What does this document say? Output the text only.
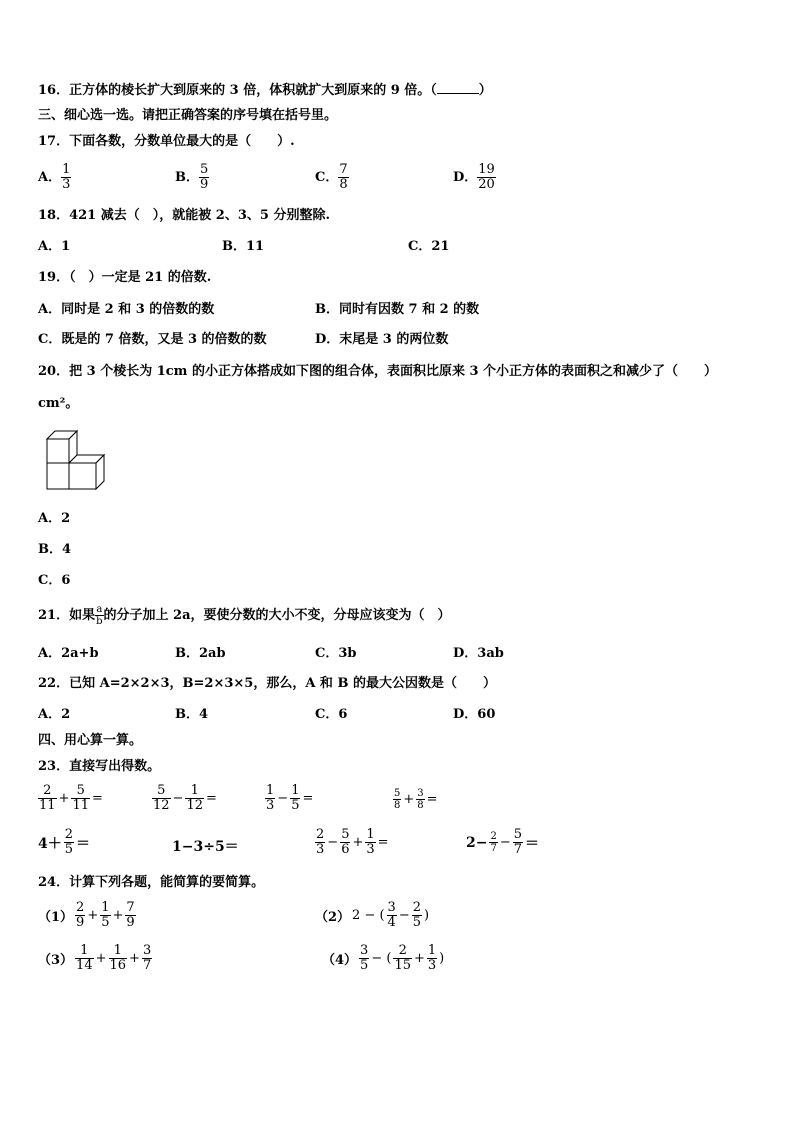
16．正方体的棱长扩大到原来的 3 倍，体积就扩大到原来的 9 倍。（	）
三、细心选一选。请把正确答案的序号填在括号里。
17．下面各数，分数单位最大的是（　　）.
A． $\frac{1}{3}$	B． $\frac{5}{9}$	C． $\frac{7}{8}$	D． $\frac{19}{20}$
18．421 减去（　），就能被 2、3、5 分别整除.
A．1	B．11	C．21
19．（　）一定是 21 的倍数.
A．同时是 2 和 3 的倍数的数	B．同时有因数 7 和 2 的数
C．既是的 7 倍数，又是 3 的倍数的数	D．末尾是 3 的两位数
20．把 3 个棱长为 1cm 的小正方体搭成如下图的组合体，表面积比原来 3 个小正方体的表面积之和减少了（　　）
cm²。
A．2
B．4
C．6
21．如果 $\frac{a}{b}$ 的分子加上 2a，要使分数的大小不变，分母应该变为（　）
A．2a+b	B．2ab	C．3b	D．3ab
22．已知 A=2×2×3，B=2×3×5，那么，A 和 B 的最大公因数是（　　）
A．2	B．4	C．6	D．60
四、用心算一算。
23．直接写出得数。
$\frac{2}{11} + \frac{5}{11}$ =	$\frac{5}{12} - \frac{1}{12}$ =	$\frac{1}{3} - \frac{1}{5}$ =	$\frac{5}{8} + \frac{3}{8}$ =
$4+ \frac{2}{5}$ ＝	1−3÷5＝	$\frac{2}{3} - \frac{5}{6} + \frac{1}{3}$ =	$2- \frac{2}{7} - \frac{5}{7}$ ＝
24．计算下列各题，能简算的要简算。
$(1) \frac{2}{9} + \frac{1}{5} + \frac{7}{9}$	（2） 2 − ( $\frac{3}{4} - \frac{2}{5}$ )
$(3) \frac{1}{14} + \frac{1}{16} + \frac{3}{7}$	$(4) \frac{3}{5}$ − ( $\frac{2}{15} + \frac{1}{3}$ )
